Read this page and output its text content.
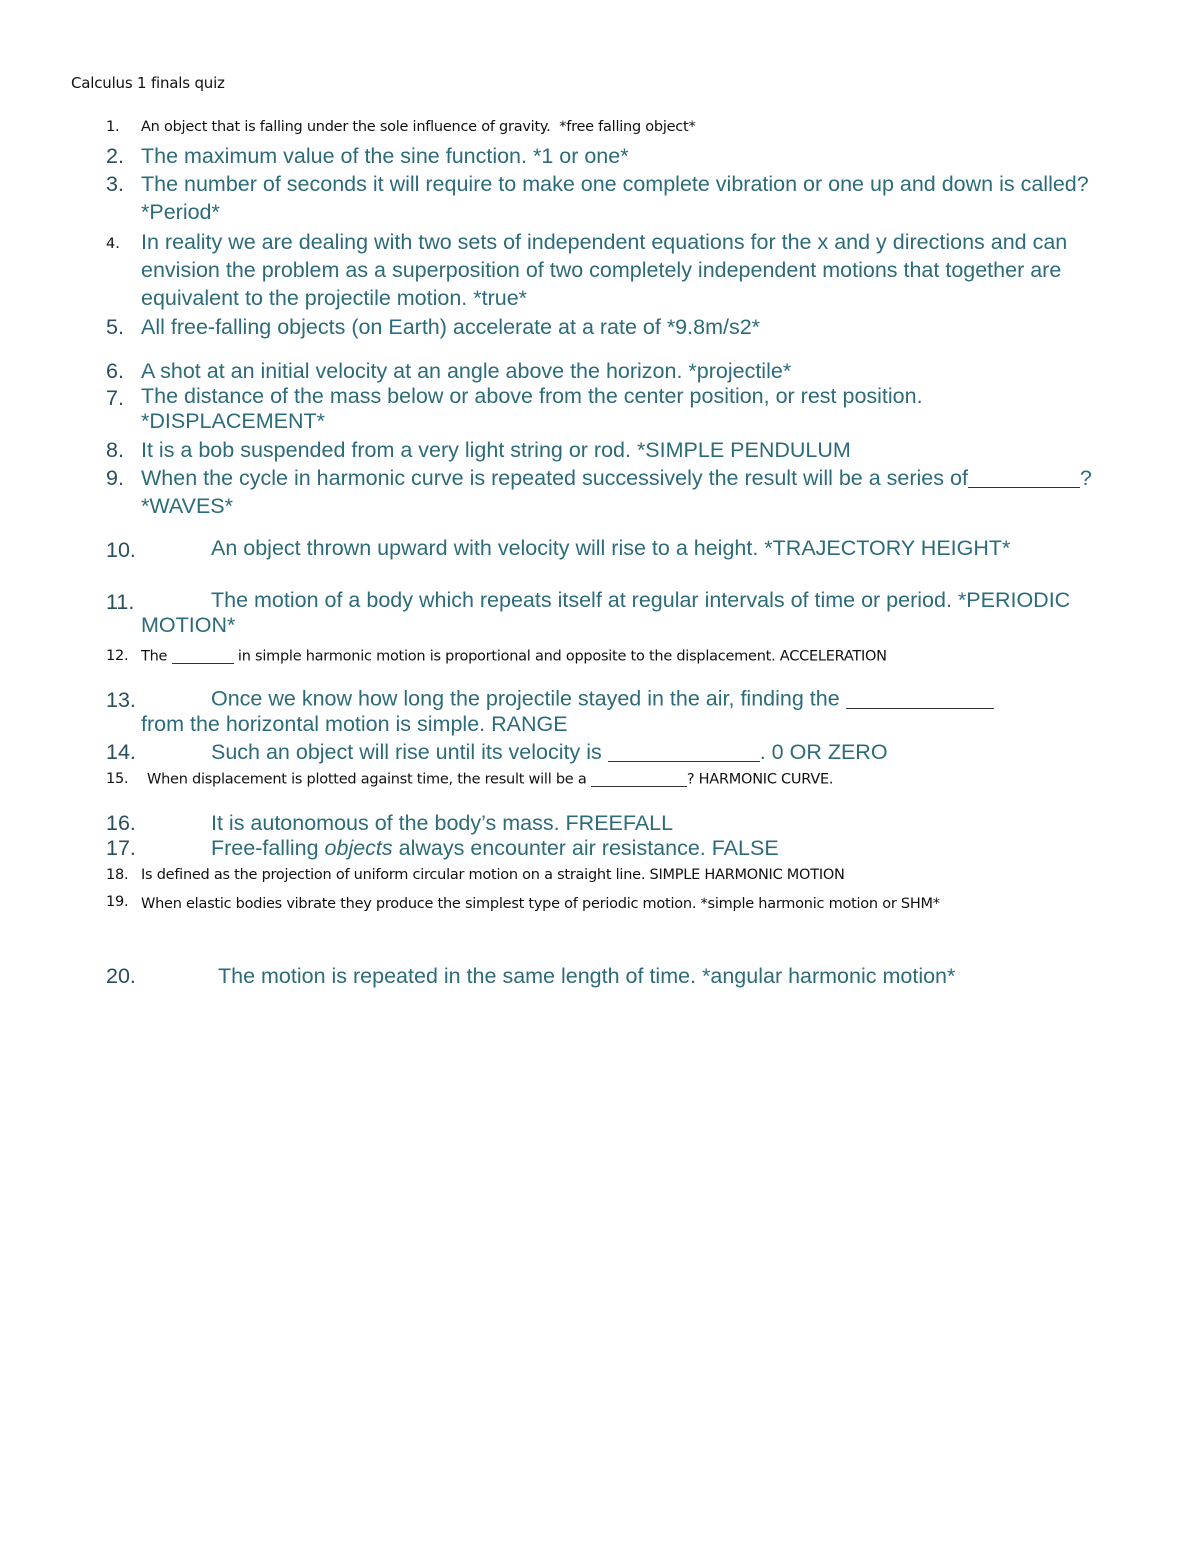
Calculus 1 finals quiz
1. An object that is falling under the sole influence of gravity.  *free falling object*
2. The maximum value of the sine function. *1 or one*
3. The number of seconds it will require to make one complete vibration or one up and down is called? *Period*
4. In reality we are dealing with two sets of independent equations for the x and y directions and can envision the problem as a superposition of two completely independent motions that together are equivalent to the projectile motion. *true*
5. All free-falling objects (on Earth) accelerate at a rate of *9.8m/s2*
6. A shot at an initial velocity at an angle above the horizon. *projectile*
7. The distance of the mass below or above from the center position, or rest position. *DISPLACEMENT*
8. It is a bob suspended from a very light string or rod. *SIMPLE PENDULUM
9. When the cycle in harmonic curve is repeated successively the result will be a series of	? *WAVES*
10.	An object thrown upward with velocity will rise to a height. *TRAJECTORY HEIGHT*
11.	The motion of a body which repeats itself at regular intervals of time or period. *PERIODIC MOTION*
12. The	in simple harmonic motion is proportional and opposite to the displacement. ACCELERATION
13.	Once we know how long the projectile stayed in the air, finding the
from the horizontal motion is simple. RANGE
14.	Such an object will rise until its velocity is	. 0 OR ZERO
15. When displacement is plotted against time, the result will be a	? HARMONIC CURVE.
16.	It is autonomous of the body’s mass. FREEFALL
17.	Free-falling objects always encounter air resistance. FALSE
18. Is defined as the projection of uniform circular motion on a straight line. SIMPLE HARMONIC MOTION
19. When elastic bodies vibrate they produce the simplest type of periodic motion. *simple harmonic motion or SHM*
20.	The motion is repeated in the same length of time. *angular harmonic motion*
